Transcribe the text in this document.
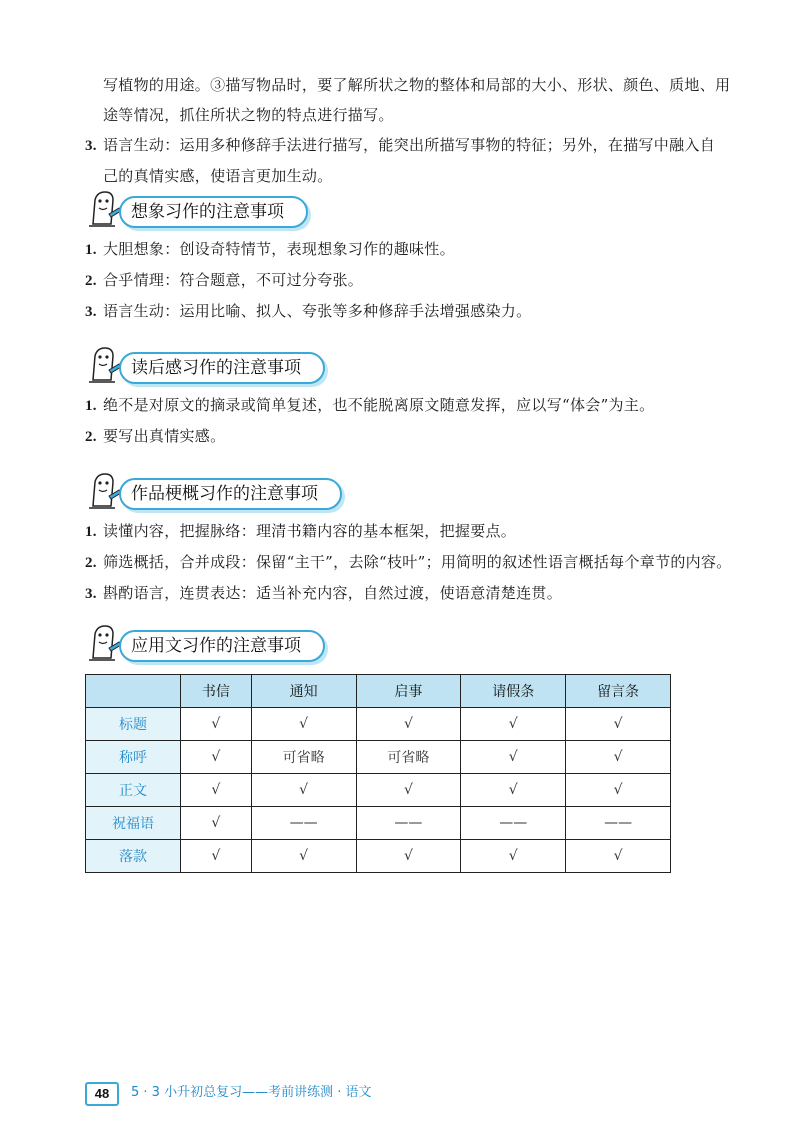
写植物的用途。③描写物品时，要了解所状之物的整体和局部的大小、形状、颜色、质地、用
途等情况，抓住所状之物的特点进行描写。
3. 语言生动：运用多种修辞手法进行描写，能突出所描写事物的特征；另外，在描写中融入自
己的真情实感，使语言更加生动。
想象习作的注意事项
1. 大胆想象：创设奇特情节，表现想象习作的趣味性。
2. 合乎情理：符合题意，不可过分夸张。
3. 语言生动：运用比喻、拟人、夸张等多种修辞手法增强感染力。
读后感习作的注意事项
1. 绝不是对原文的摘录或简单复述，也不能脱离原文随意发挥，应以写“体会”为主。
2. 要写出真情实感。
作品梗概习作的注意事项
1. 读懂内容，把握脉络：理清书籍内容的基本框架，把握要点。
2. 筛选概括，合并成段：保留“主干”，去除“枝叶”；用简明的叙述性语言概括每个章节的内容。
3. 斟酌语言，连贯表达：适当补充内容，自然过渡，使语意清楚连贯。
应用文习作的注意事项
	书信	通知	启事	请假条	留言条
标题	√	√	√	√	√
称呼	√	可省略	可省略	√	√
正文	√	√	√	√	√
祝福语	√	——	——	——	——
落款	√	√	√	√	√
48	5 · 3 小升初总复习——考前讲练测 · 语文
